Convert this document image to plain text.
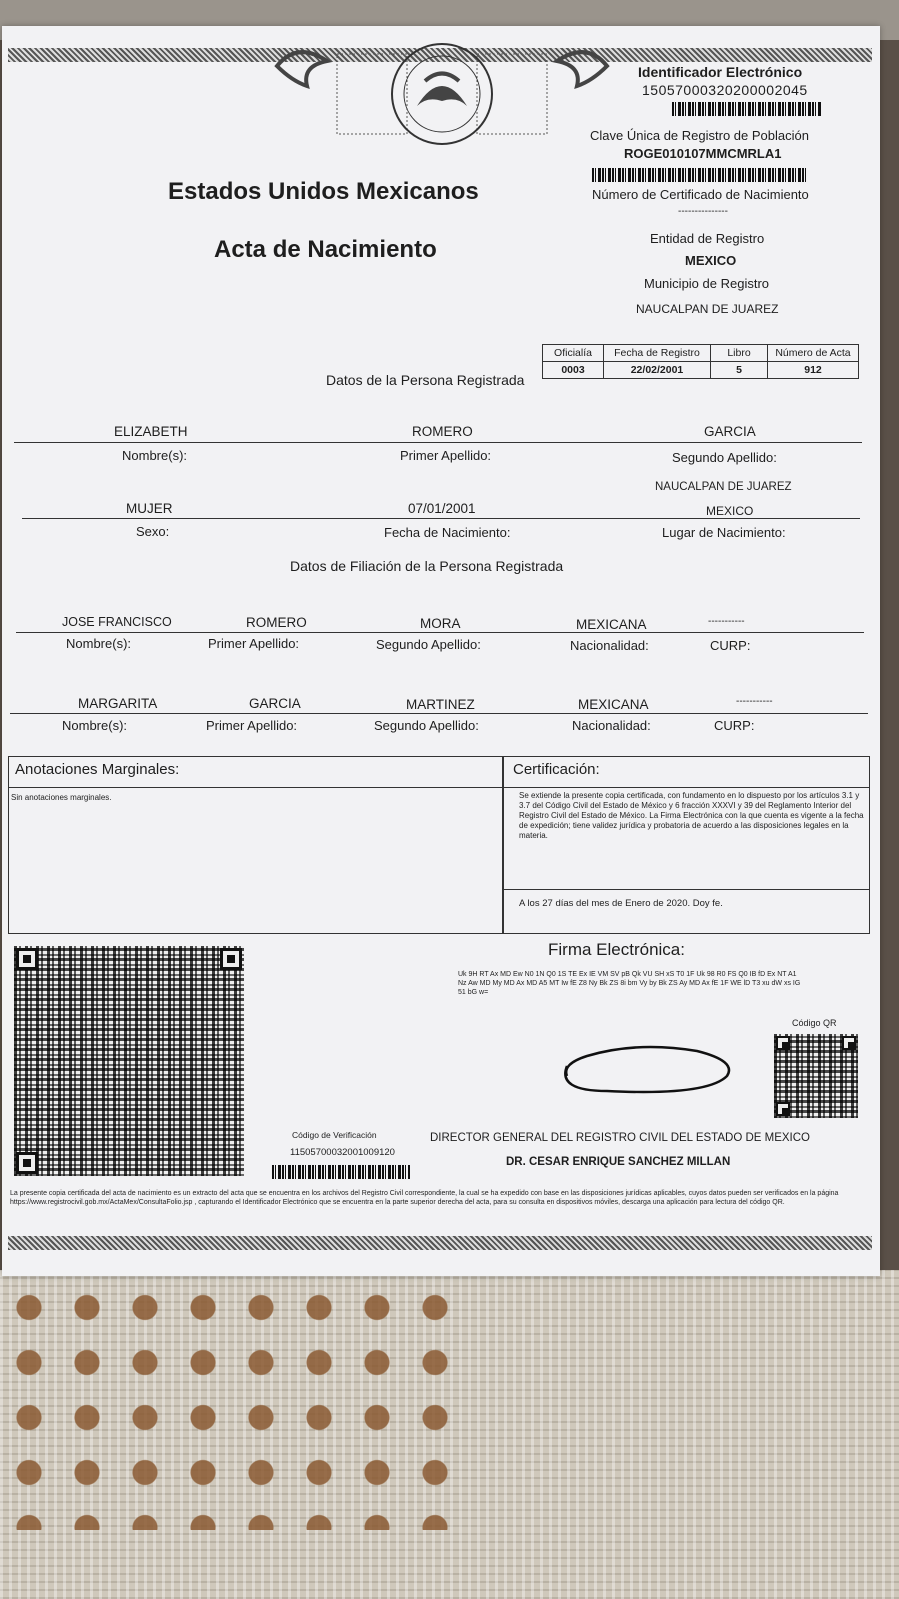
Estados Unidos Mexicanos
Acta de Nacimiento
Identificador Electrónico
15057000320200002045
Clave Única de Registro de Población
ROGE010107MMCMRLA1
Número de Certificado de Nacimiento
---------------
Entidad de Registro
MEXICO
Municipio de Registro
NAUCALPAN DE JUAREZ
Oficialía	Fecha de Registro	Libro	Número de Acta
0003	22/02/2001	5	912
Datos de la Persona Registrada
ELIZABETH	ROMERO	GARCIA
Nombre(s):	Primer Apellido:	Segundo Apellido:
NAUCALPAN DE JUAREZ
MUJER	07/01/2001	MEXICO
Sexo:	Fecha de Nacimiento:	Lugar de Nacimiento:
Datos de Filiación de la Persona Registrada
JOSE FRANCISCO	ROMERO	MORA	MEXICANA	-----------
Nombre(s):	Primer Apellido:	Segundo Apellido:	Nacionalidad:	CURP:
MARGARITA	GARCIA	MARTINEZ	MEXICANA	-----------
Nombre(s):	Primer Apellido:	Segundo Apellido:	Nacionalidad:	CURP:
Anotaciones Marginales:
Sin anotaciones marginales.
Certificación:
Se extiende la presente copia certificada, con fundamento en lo dispuesto por los artículos 3.1 y 3.7 del Código Civil del Estado de México y 6 fracción XXXVI y 39 del Reglamento Interior del Registro Civil del Estado de México. La Firma Electrónica con la que cuenta es vigente a la fecha de expedición; tiene validez jurídica y probatoria de acuerdo a las disposiciones legales en la materia.
A los 27 días del mes de Enero de 2020. Doy fe.
Firma Electrónica:
Uk 9H RT Ax MD Ew N0 1N Q0 1S TE Ex IE VM SV pB Qk VU SH xS T0 1F Uk 98 R0 FS Q0 IB fD Ex NT A1 Nz Aw MD My MD Ax MD A5 MT Iw fE Z8 Ny Bk ZS 8i bm Vy by Bk ZS Ay MD Ax fE 1F WE lD T3 xu dW xs IG 51 bG w=
Código QR
Código de Verificación
11505700032001009120
DIRECTOR GENERAL DEL REGISTRO CIVIL DEL ESTADO DE MEXICO
DR. CESAR ENRIQUE SANCHEZ MILLAN
La presente copia certificada del acta de nacimiento es un extracto del acta que se encuentra en los archivos del Registro Civil correspondiente, la cual se ha expedido con base en las disposiciones jurídicas aplicables, cuyos datos pueden ser verificados en la página https://www.registrocivil.gob.mx/ActaMex/ConsultaFolio.jsp , capturando el Identificador Electrónico que se encuentra en la parte superior derecha del acta, para su consulta en dispositivos móviles, descarga una aplicación para lectura del código QR.
